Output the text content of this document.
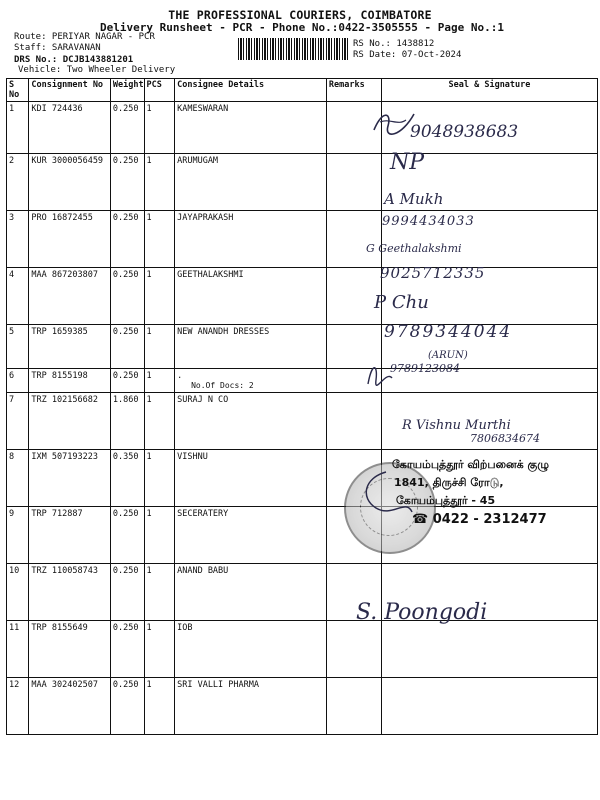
THE PROFESSIONAL COURIERS, COIMBATORE
Delivery Runsheet - PCR - Phone No.:0422-3505555 - Page No.:1
Route: PERIYAR NAGAR - PCR
Staff: SARAVANAN
DRS No.: DCJB143881201
Vehicle: Two Wheeler Delivery
RS No.: 1438812
RS Date: 07-Oct-2024
S No	Consignment No	Weight	PCS	Consignee Details	Remarks	Seal & Signature
1	KDI 724436	0.250	1	KAMESWARAN		
2	KUR 3000056459	0.250	1	ARUMUGAM		
3	PRO 16872455	0.250	1	JAYAPRAKASH		
4	MAA 867203807	0.250	1	GEETHALAKSHMI		
5	TRP 1659385	0.250	1	NEW ANANDH DRESSES		
6	TRP 8155198	0.250	1	.
No.Of Docs: 2		

7	TRZ 102156682	1.860	1	SURAJ N CO		
8	IXM 507193223	0.350	1	VISHNU		
9	TRP 712887	0.250	1	SECERATERY		
10	TRZ 110058743	0.250	1	ANAND BABU		
11	TRP 8155649	0.250	1	IOB		
12	MAA 302402507	0.250	1	SRI VALLI PHARMA		
9048938683
NP
A Mukh
9994434033
G Geethalakshmi
9025712335
P Chu
9789344044
(ARUN)
9789123084
R Vishnu Murthi
7806834674
கோயம்புத்தூர் விற்பனைக் குழு
1841, திருச்சி ரோடு,
கோயம்புத்தூர் - 45
☎ 0422 - 2312477
S. Poongodi
